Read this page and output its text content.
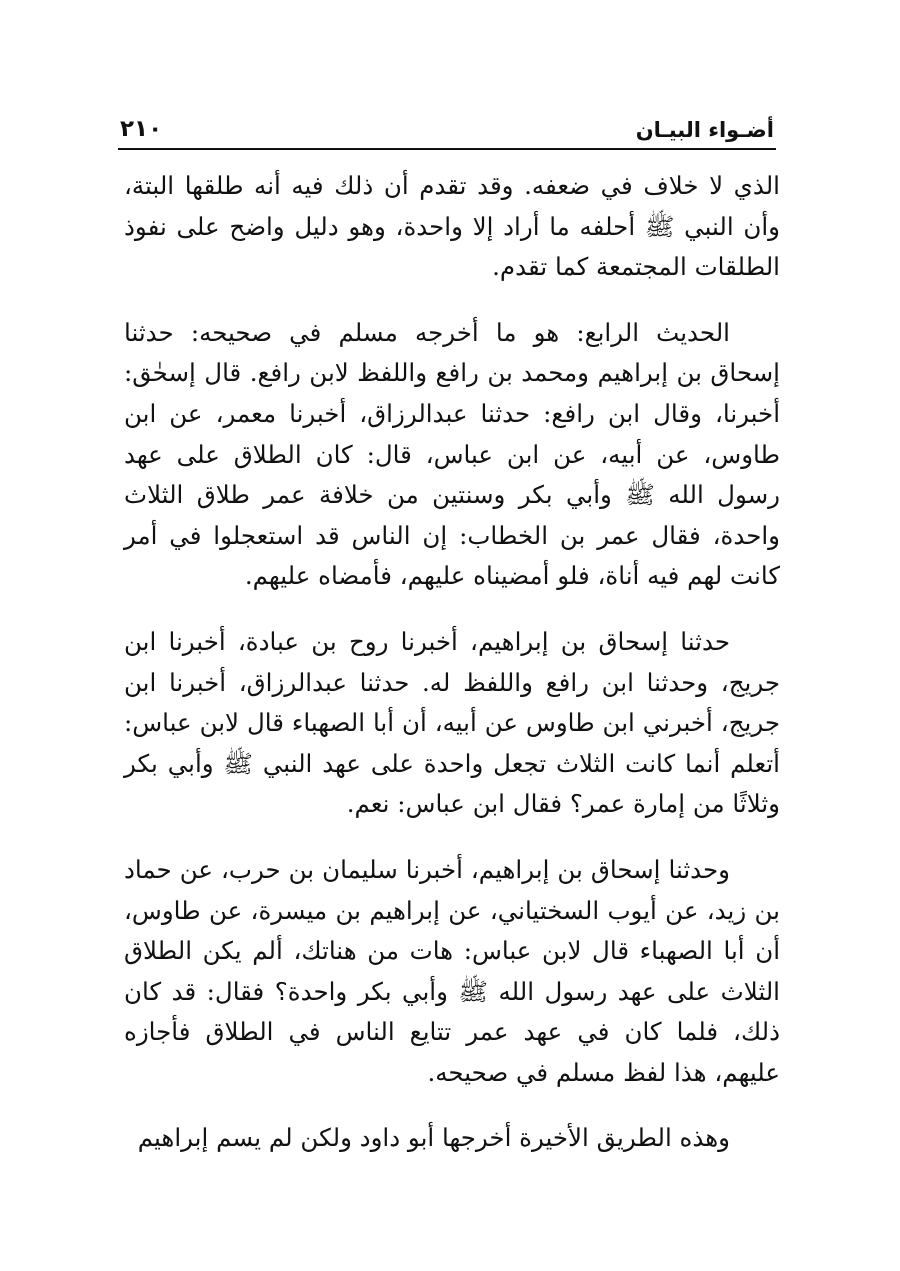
أضـواء البيـان
٢١٠

الذي لا خلاف في ضعفه. وقد تقدم أن ذلك فيه أنه طلقها البتة، وأن النبي ﷺ أحلفه ما أراد إلا واحدة، وهو دليل واضح على نفوذ الطلقات المجتمعة كما تقدم.

الحديث الرابع: هو ما أخرجه مسلم في صحيحه: حدثنا إسحاق بن إبراهيم ومحمد بن رافع واللفظ لابن رافع. قال إسحٰق: أخبرنا، وقال ابن رافع: حدثنا عبدالرزاق، أخبرنا معمر، عن ابن طاوس، عن أبيه، عن ابن عباس، قال: كان الطلاق على عهد رسول الله ﷺ وأبي بكر وسنتين من خلافة عمر طلاق الثلاث واحدة، فقال عمر بن الخطاب: إن الناس قد استعجلوا في أمر كانت لهم فيه أناة، فلو أمضيناه عليهم، فأمضاه عليهم.

حدثنا إسحاق بن إبراهيم، أخبرنا روح بن عبادة، أخبرنا ابن جريج، وحدثنا ابن رافع واللفظ له. حدثنا عبدالرزاق، أخبرنا ابن جريج، أخبرني ابن طاوس عن أبيه، أن أبا الصهباء قال لابن عباس: أتعلم أنما كانت الثلاث تجعل واحدة على عهد النبي ﷺ وأبي بكر وثلاثًا من إمارة عمر؟ فقال ابن عباس: نعم.

وحدثنا إسحاق بن إبراهيم، أخبرنا سليمان بن حرب، عن حماد بن زيد، عن أيوب السختياني، عن إبراهيم بن ميسرة، عن طاوس، أن أبا الصهباء قال لابن عباس: هات من هناتك، ألم يكن الطلاق الثلاث على عهد رسول الله ﷺ وأبي بكر واحدة؟ فقال: قد كان ذلك، فلما كان في عهد عمر تتايع الناس في الطلاق فأجازه عليهم، هذا لفظ مسلم في صحيحه.

وهذه الطريق الأخيرة أخرجها أبو داود ولكن لم يسم إبراهيم
